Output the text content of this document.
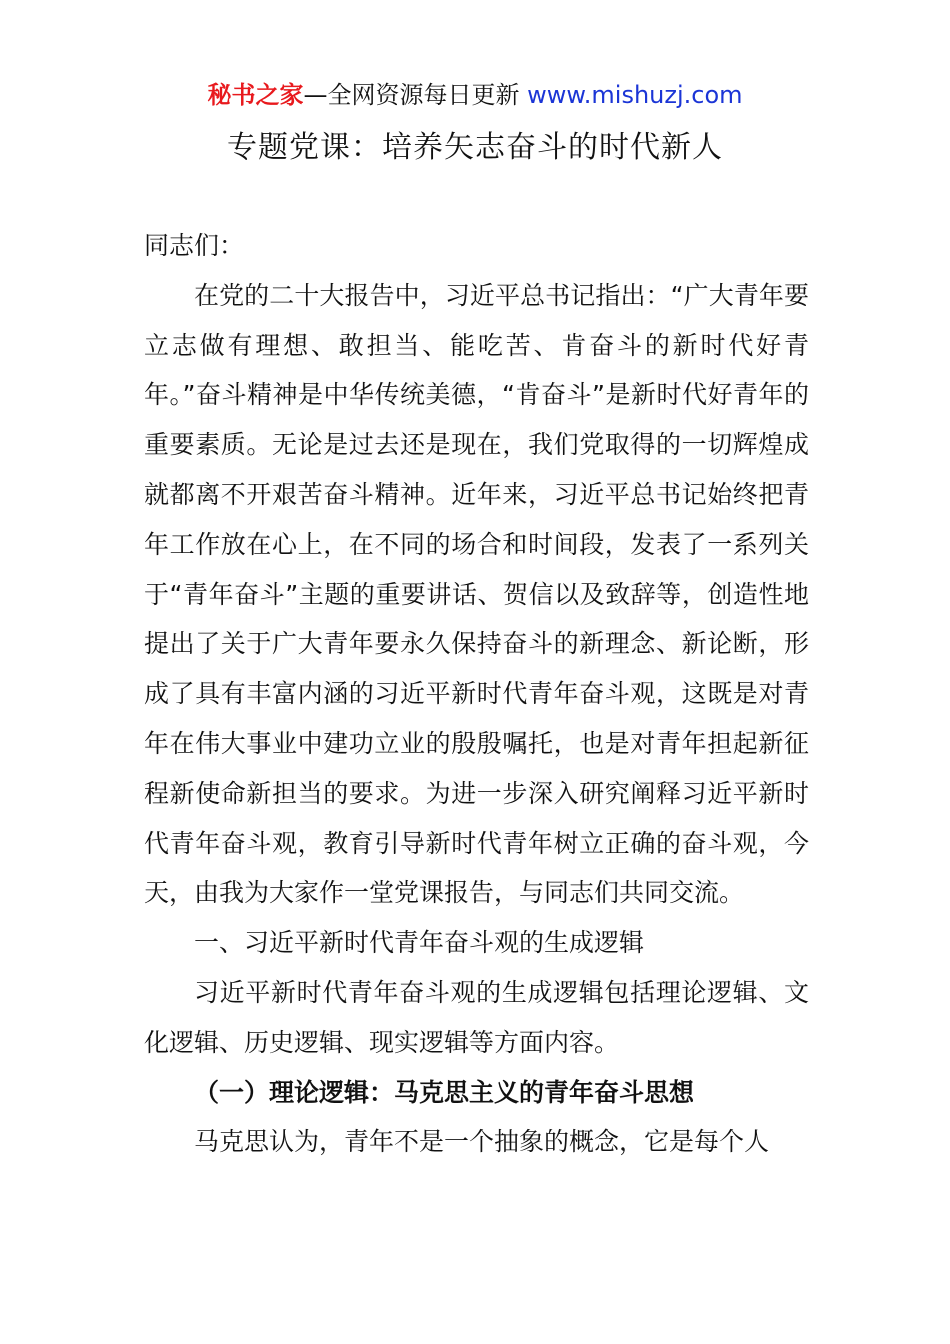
秘书之家—全网资源每日更新 www.mishuzj.com
专题党课：培养矢志奋斗的时代新人

同志们：

在党的二十大报告中，习近平总书记指出：“广大青年要立志做有理想、敢担当、能吃苦、肯奋斗的新时代好青年。”奋斗精神是中华传统美德，“肯奋斗”是新时代好青年的重要素质。无论是过去还是现在，我们党取得的一切辉煌成就都离不开艰苦奋斗精神。近年来，习近平总书记始终把青年工作放在心上，在不同的场合和时间段，发表了一系列关于“青年奋斗”主题的重要讲话、贺信以及致辞等，创造性地提出了关于广大青年要永久保持奋斗的新理念、新论断，形成了具有丰富内涵的习近平新时代青年奋斗观，这既是对青年在伟大事业中建功立业的殷殷嘱托，也是对青年担起新征程新使命新担当的要求。为进一步深入研究阐释习近平新时代青年奋斗观，教育引导新时代青年树立正确的奋斗观，今天，由我为大家作一堂党课报告，与同志们共同交流。

一、习近平新时代青年奋斗观的生成逻辑

习近平新时代青年奋斗观的生成逻辑包括理论逻辑、文化逻辑、历史逻辑、现实逻辑等方面内容。

（一）理论逻辑：马克思主义的青年奋斗思想

马克思认为，青年不是一个抽象的概念，它是每个人
